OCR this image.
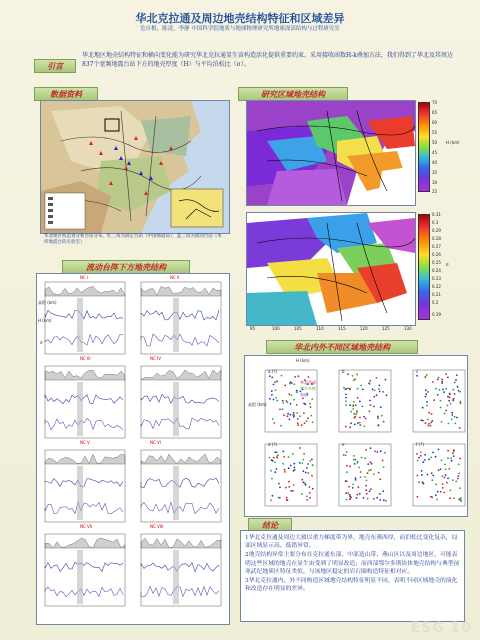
华北克拉通及周边地壳结构特征和区域差异
危自根，陈凌，李静 中国科学院地质与地球物理研究所地球深部结构与过程研究室
引言
华北地区地壳结构特征和横向变化能为研究华北克拉通显生宙构造活化提供重要约束。采用接收函数H-k叠加方法，我们得到了华北及其周边837个宽频地震台站下方的地壳厚度（H）与平均泊松比（σ）。
数据资料
华北地区构造划分和台站分布，红三角为固定台站（中国地震局），蓝三角为流动台站（本所地震台阵实验室）
研究区域地壳结构
70
65
60
55
50
45
40
35
30
25
H (km)
0.31
0.3
0.29
0.28
0.27
0.26
0.25
0.24
0.23
0.22
0.21
0.2
0.19
σ
95	100	105	110	115	120	125	130
流动台阵下方地壳结构
NC I	NC II
NC III	NC IV
NC V	NC VI
NC VII	NC VIII
高程 (km)
H (km)
σ	华北内外不同区域地壳结构
a (?)	b	c
d (?)	e	f (?)
H (km)
高程 (km)
华北西部
鄂尔多斯
东部
结论

1华北克拉通及周边大致以重力梯度带为界，地壳东薄西厚，而泊松比变化复杂，局部区域显示高、低错异常。

2地壳结构异常主要分布在克拉通东部、中部造山带、燕山区以及周边地区，可能表明这些区域的地壳在显生宙受到了明显改造；而西部鄂尔多斯块体地壳结构与典型前寒武纪地质区特征类似，与该地区稳定的岩石圈构造特征相对应。

3华北克拉通内、外不同构造区域地壳结构特征明显不同，表明不同区域地壳的演化和改造存在明显的差异。

ESG 10
